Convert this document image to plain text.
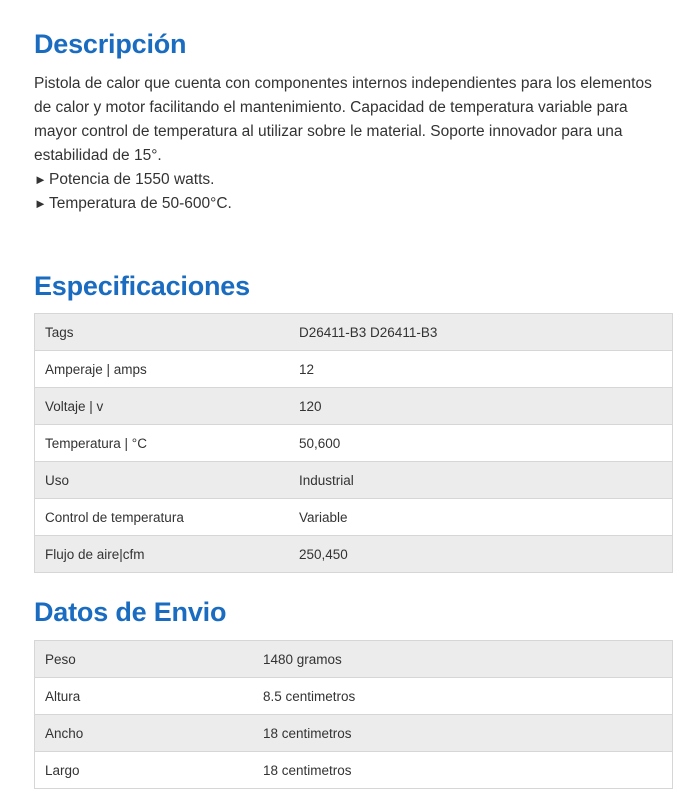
Descripción

Pistola de calor que cuenta con componentes internos independientes para los elementos de calor y motor facilitando el mantenimiento. Capacidad de temperatura variable para mayor control de temperatura al utilizar sobre le material. Soporte innovador para una estabilidad de 15°.

► Potencia de 1550 watts.
► Temperatura de 50-600°C.
Especificaciones
Tags	D26411-B3 D26411-B3
Amperaje | amps	12
Voltaje | v	120
Temperatura | °C	50,600
Uso	Industrial
Control de temperatura	Variable
Flujo de aire|cfm	250,450
Datos de Envio
Peso	1480 gramos
Altura	8.5 centimetros
Ancho	18 centimetros
Largo	18 centimetros
